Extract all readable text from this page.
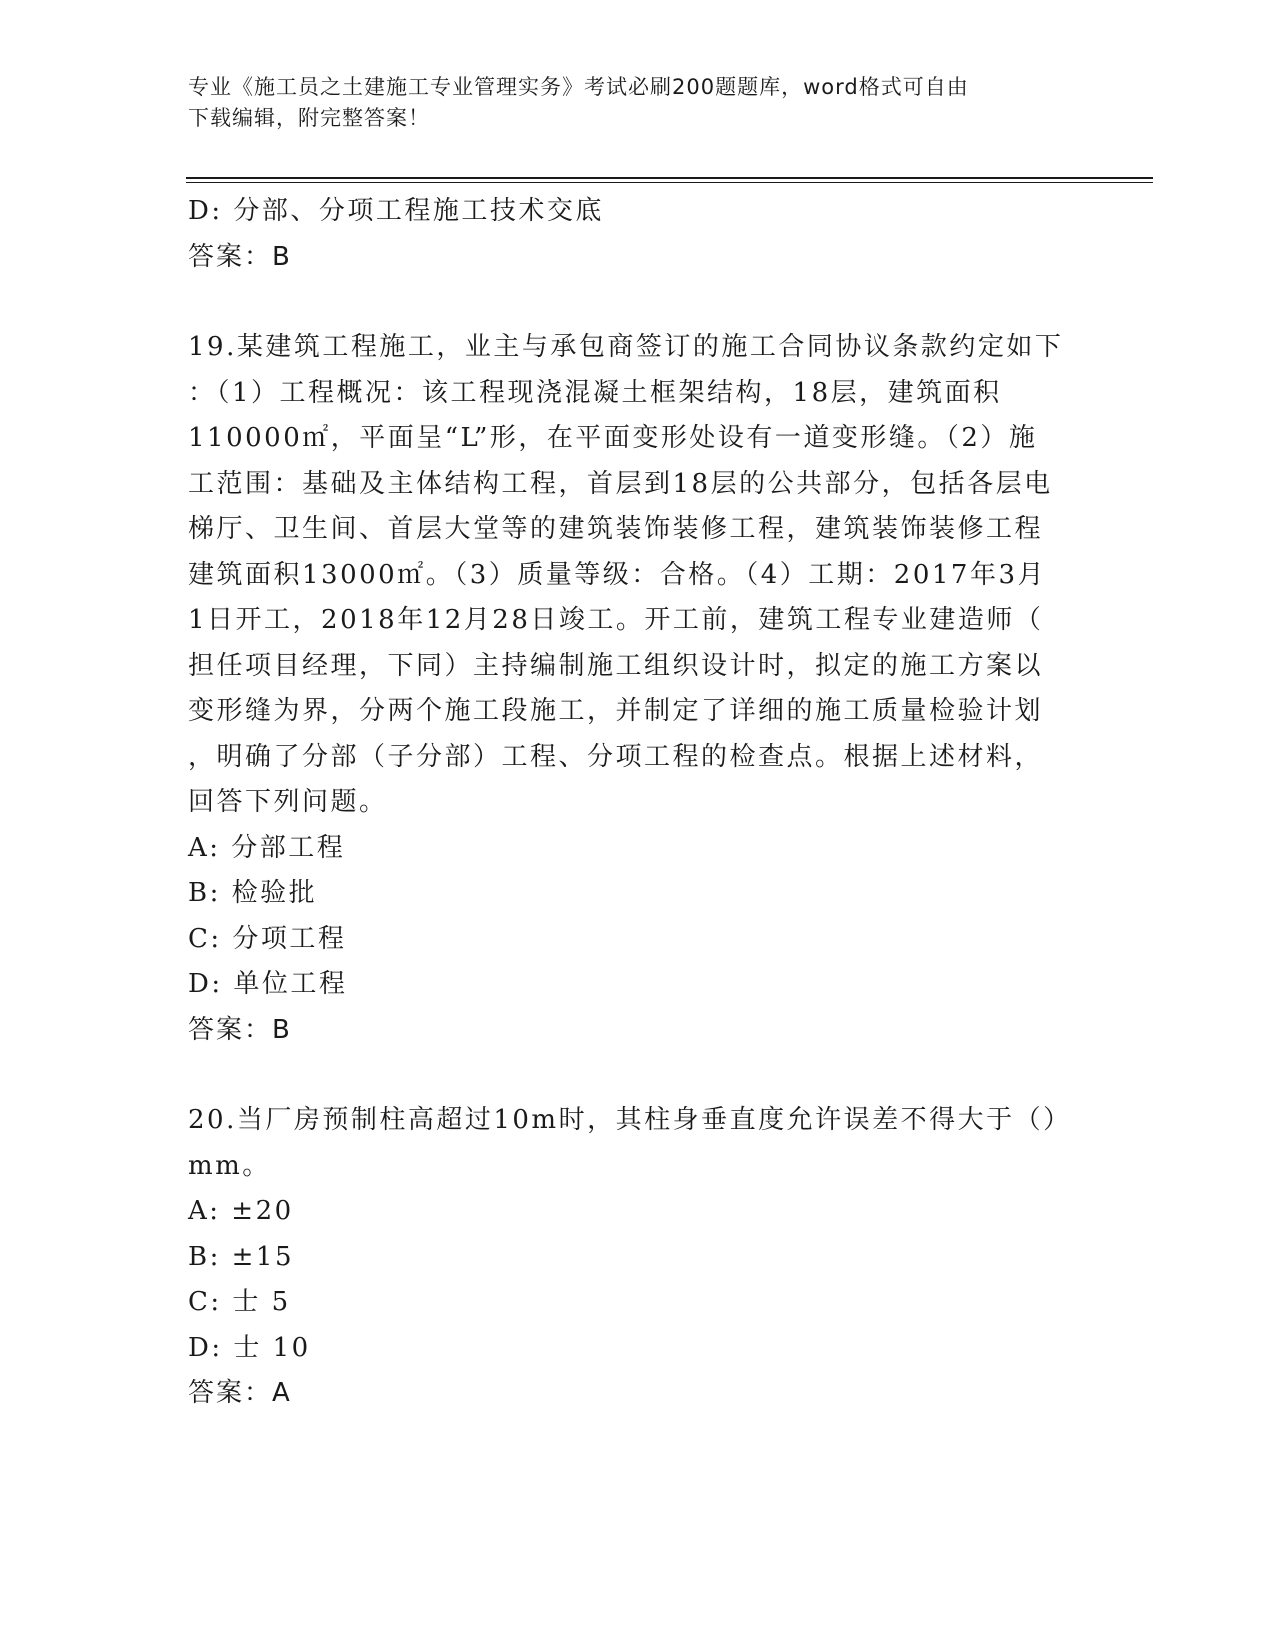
专业《施工员之土建施工专业管理实务》考试必刷200题题库，word格式可自由
下载编辑，附完整答案！

D: 分部、分项工程施工技术交底

答案：B

19.某建筑工程施工，业主与承包商签订的施工合同协议条款约定如下

：（1）工程概况：该工程现浇混凝土框架结构，18层，建筑面积

110000㎡，平面呈“L”形，在平面变形处设有一道变形缝。（2）施

工范围：基础及主体结构工程，首层到18层的公共部分，包括各层电

梯厅、卫生间、首层大堂等的建筑装饰装修工程，建筑装饰装修工程

建筑面积13000㎡。（3）质量等级：合格。（4）工期：2017年3月

1日开工，2018年12月28日竣工。开工前，建筑工程专业建造师（

担任项目经理，下同）主持编制施工组织设计时，拟定的施工方案以

变形缝为界，分两个施工段施工，并制定了详细的施工质量检验计划

，明确了分部（子分部）工程、分项工程的检查点。根据上述材料，

回答下列问题。

A: 分部工程

B: 检验批

C: 分项工程

D: 单位工程

答案：B

20.当厂房预制柱高超过10m时，其柱身垂直度允许误差不得大于（）

mm。

A: ±20

B: ±15

C: 士 5

D: 士 10

答案：A
